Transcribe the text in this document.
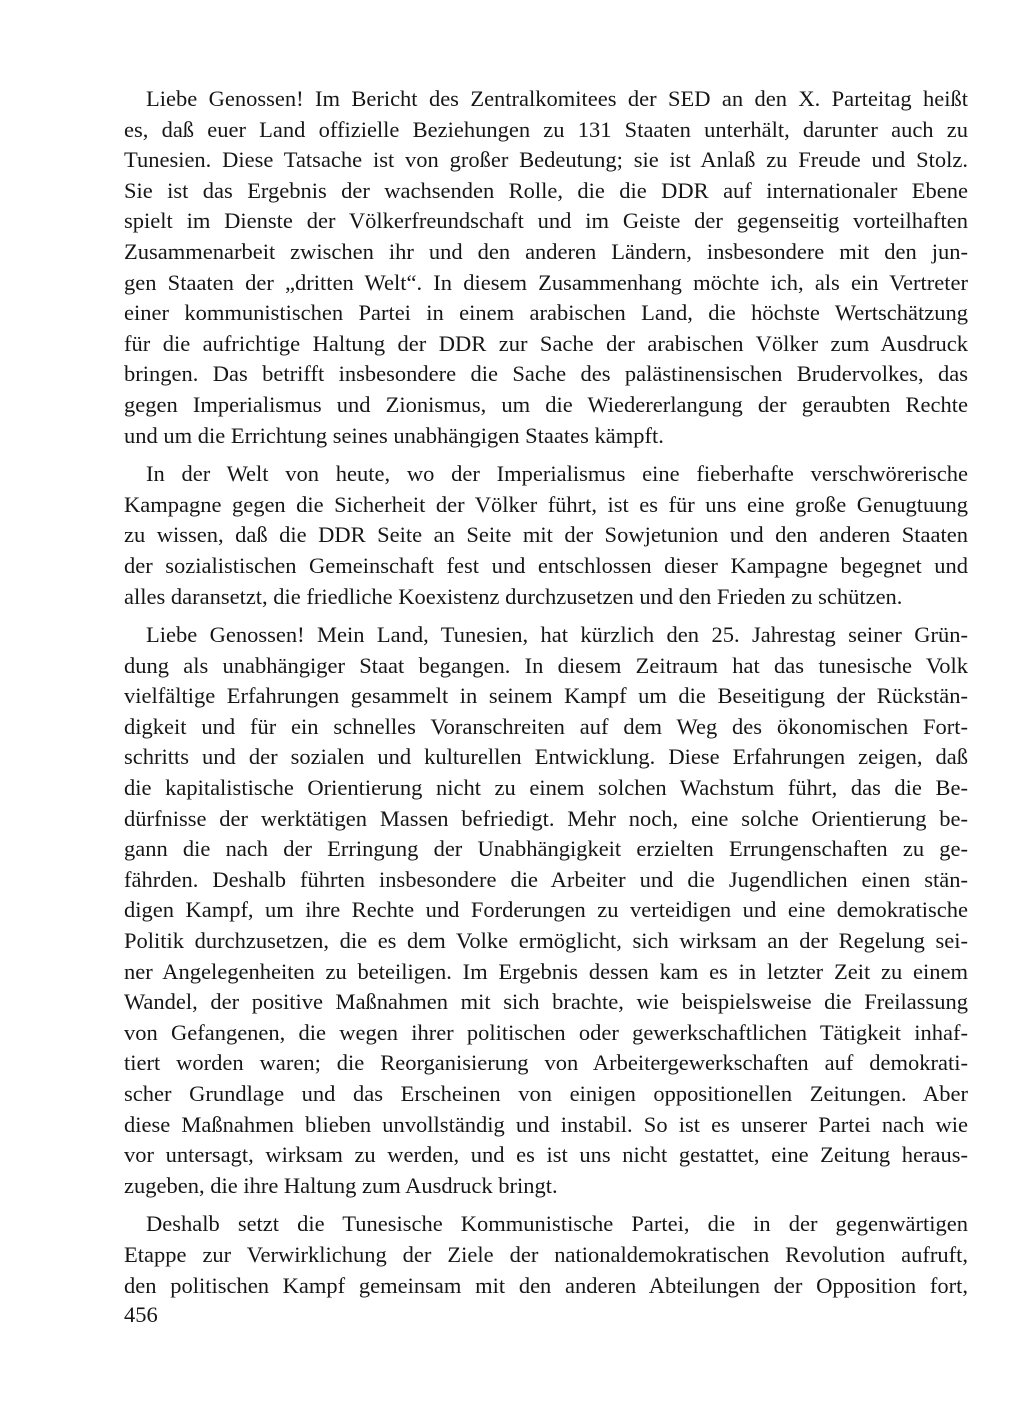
Liebe Genossen! Im Bericht des Zentralkomitees der SED an den X. Parteitag heißt
es, daß euer Land offizielle Beziehungen zu 131 Staaten unterhält, darunter auch zu
Tunesien. Diese Tatsache ist von großer Bedeutung; sie ist Anlaß zu Freude und Stolz.
Sie ist das Ergebnis der wachsenden Rolle, die die DDR auf internationaler Ebene
spielt im Dienste der Völkerfreundschaft und im Geiste der gegenseitig vorteilhaften
Zusammenarbeit zwischen ihr und den anderen Ländern, insbesondere mit den jun-
gen Staaten der „dritten Welt“. In diesem Zusammenhang möchte ich, als ein Vertreter
einer kommunistischen Partei in einem arabischen Land, die höchste Wertschätzung
für die aufrichtige Haltung der DDR zur Sache der arabischen Völker zum Ausdruck
bringen. Das betrifft insbesondere die Sache des palästinensischen Brudervolkes, das
gegen Imperialismus und Zionismus, um die Wiedererlangung der geraubten Rechte
und um die Errichtung seines unabhängigen Staates kämpft.
In der Welt von heute, wo der Imperialismus eine fieberhafte verschwörerische
Kampagne gegen die Sicherheit der Völker führt, ist es für uns eine große Genugtuung
zu wissen, daß die DDR Seite an Seite mit der Sowjetunion und den anderen Staaten
der sozialistischen Gemeinschaft fest und entschlossen dieser Kampagne begegnet und
alles daransetzt, die friedliche Koexistenz durchzusetzen und den Frieden zu schützen.
Liebe Genossen! Mein Land, Tunesien, hat kürzlich den 25. Jahrestag seiner Grün-
dung als unabhängiger Staat begangen. In diesem Zeitraum hat das tunesische Volk
vielfältige Erfahrungen gesammelt in seinem Kampf um die Beseitigung der Rückstän-
digkeit und für ein schnelles Voranschreiten auf dem Weg des ökonomischen Fort-
schritts und der sozialen und kulturellen Entwicklung. Diese Erfahrungen zeigen, daß
die kapitalistische Orientierung nicht zu einem solchen Wachstum führt, das die Be-
dürfnisse der werktätigen Massen befriedigt. Mehr noch, eine solche Orientierung be-
gann die nach der Erringung der Unabhängigkeit erzielten Errungenschaften zu ge-
fährden. Deshalb führten insbesondere die Arbeiter und die Jugendlichen einen stän-
digen Kampf, um ihre Rechte und Forderungen zu verteidigen und eine demokratische
Politik durchzusetzen, die es dem Volke ermöglicht, sich wirksam an der Regelung sei-
ner Angelegenheiten zu beteiligen. Im Ergebnis dessen kam es in letzter Zeit zu einem
Wandel, der positive Maßnahmen mit sich brachte, wie beispielsweise die Freilassung
von Gefangenen, die wegen ihrer politischen oder gewerkschaftlichen Tätigkeit inhaf-
tiert worden waren; die Reorganisierung von Arbeitergewerkschaften auf demokrati-
scher Grundlage und das Erscheinen von einigen oppositionellen Zeitungen. Aber
diese Maßnahmen blieben unvollständig und instabil. So ist es unserer Partei nach wie
vor untersagt, wirksam zu werden, und es ist uns nicht gestattet, eine Zeitung heraus-
zugeben, die ihre Haltung zum Ausdruck bringt.
Deshalb setzt die Tunesische Kommunistische Partei, die in der gegenwärtigen
Etappe zur Verwirklichung der Ziele der nationaldemokratischen Revolution aufruft,
den politischen Kampf gemeinsam mit den anderen Abteilungen der Opposition fort,
456
